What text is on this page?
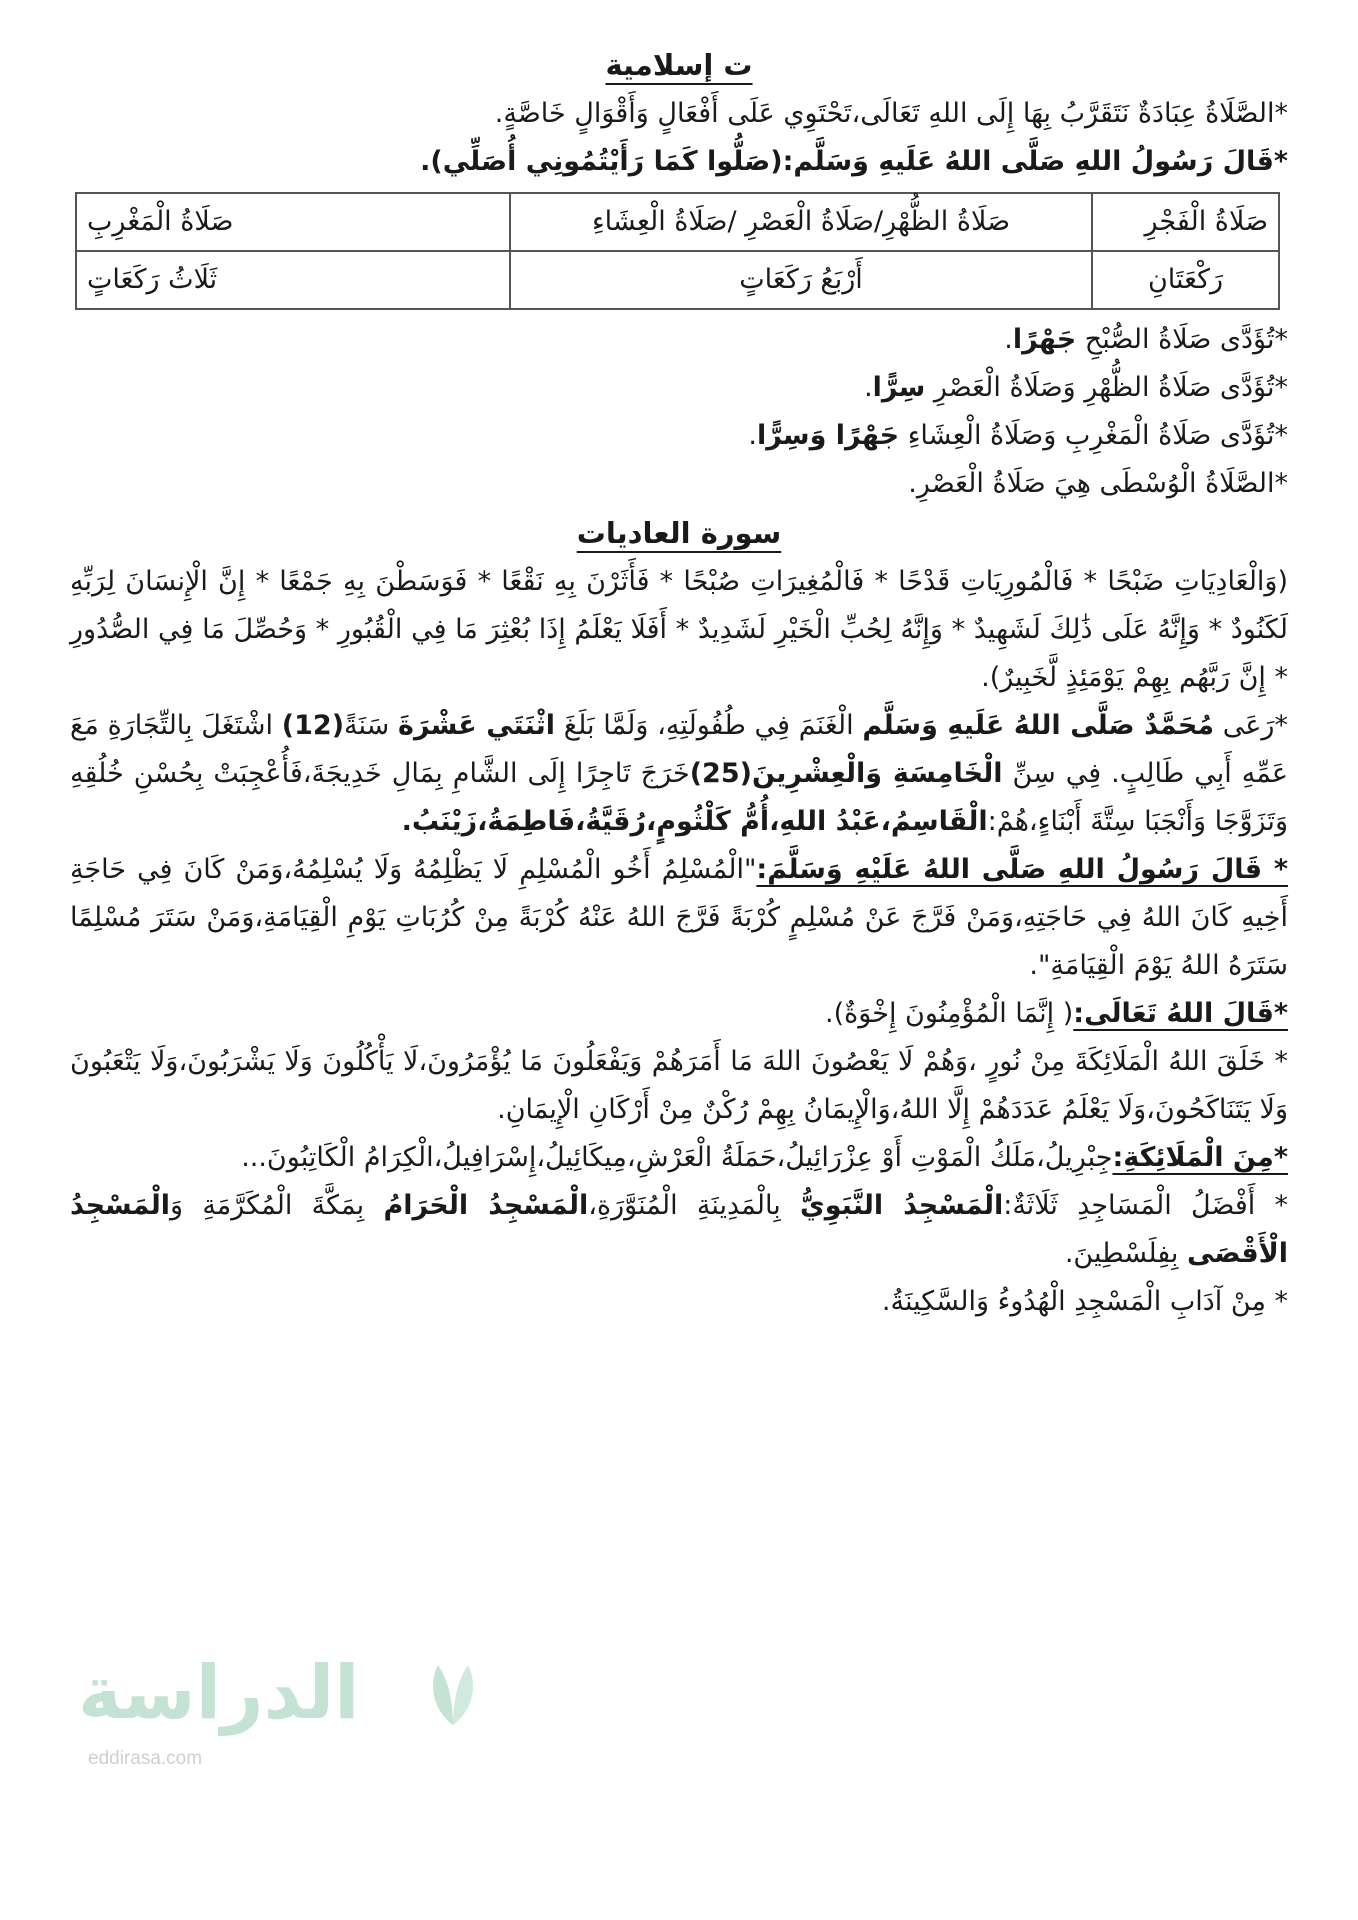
ت إسلامية

*الصَّلَاةُ عِبَادَةٌ نَتَقَرَّبُ بِهَا إِلَى اللهِ تَعَالَى،تَحْتَوِي عَلَى أَفْعَالٍ وَأَقْوَالٍ خَاصَّةٍ.

*قَالَ رَسُولُ اللهِ صَلَّى اللهُ عَلَيهِ وَسَلَّم:(صَلُّوا كَمَا رَأَيْتُمُونِي أُصَلِّي).

صَلَاةُ الْفَجْرِ	صَلَاةُ الظُّهْرِ/صَلَاةُ الْعَصْرِ /صَلَاةُ الْعِشَاءِ	صَلَاةُ الْمَغْرِبِ
رَكْعَتَانِ	أَرْبَعُ رَكَعَاتٍ	ثَلَاثُ رَكَعَاتٍ

*تُؤَدَّى صَلَاةُ الصُّبْحِ جَهْرًا.

*تُؤَدَّى صَلَاةُ الظُّهْرِ وَصَلَاةُ الْعَصْرِ سِرًّا.

*تُؤَدَّى صَلَاةُ الْمَغْرِبِ وَصَلَاةُ الْعِشَاءِ جَهْرًا وَسِرًّا.

*الصَّلَاةُ الْوُسْطَى هِيَ صَلَاةُ الْعَصْرِ.

سورة العاديات

(وَالْعَادِيَاتِ ضَبْحًا * فَالْمُورِيَاتِ قَدْحًا * فَالْمُغِيرَاتِ صُبْحًا * فَأَثَرْنَ بِهِ نَقْعًا * فَوَسَطْنَ بِهِ جَمْعًا * إِنَّ الْإِنسَانَ لِرَبِّهِ لَكَنُودٌ * وَإِنَّهُ عَلَى ذَٰلِكَ لَشَهِيدٌ * وَإِنَّهُ لِحُبِّ الْخَيْرِ لَشَدِيدٌ * أَفَلَا يَعْلَمُ إِذَا بُعْثِرَ مَا فِي الْقُبُورِ * وَحُصِّلَ مَا فِي الصُّدُورِ * إِنَّ رَبَّهُم بِهِمْ يَوْمَئِذٍ لَّخَبِيرٌ).

*رَعَى مُحَمَّدٌ صَلَّى اللهُ عَلَيهِ وَسَلَّم الْغَنَمَ فِي طُفُولَتِهِ، وَلَمَّا بَلَغَ اثْنَتَي عَشْرَةَ سَنَةً(12) اشْتَغَلَ بِالتِّجَارَةِ مَعَ عَمِّهِ أَبِي طَالِبٍ. فِي سِنِّ الْخَامِسَةِ وَالْعِشْرِينَ(25)خَرَجَ تَاجِرًا إِلَى الشَّامِ بِمَالِ خَدِيجَةَ،فَأُعْجِبَتْ بِحُسْنِ خُلُقِهِ وَتَزَوَّجَا وَأَنْجَبَا سِتَّةَ أَبْنَاءٍ،هُمْ:الْقَاسِمُ،عَبْدُ اللهِ،أُمُّ كَلْثُومٍ،رُقَيَّةُ،فَاطِمَةُ،زَيْنَبُ.

* قَالَ رَسُولُ اللهِ صَلَّى اللهُ عَلَيْهِ وَسَلَّمَ:"الْمُسْلِمُ أَخُو الْمُسْلِمِ لَا يَظْلِمُهُ وَلَا يُسْلِمُهُ،وَمَنْ كَانَ فِي حَاجَةِ أَخِيهِ كَانَ اللهُ فِي حَاجَتِهِ،وَمَنْ فَرَّجَ عَنْ مُسْلِمٍ كُرْبَةً فَرَّجَ اللهُ عَنْهُ كُرْبَةً مِنْ كُرُبَاتِ يَوْمِ الْقِيَامَةِ،وَمَنْ سَتَرَ مُسْلِمًا سَتَرَهُ اللهُ يَوْمَ الْقِيَامَةِ".

*قَالَ اللهُ تَعَالَى:( إِنَّمَا الْمُؤْمِنُونَ إِخْوَةٌ).

* خَلَقَ اللهُ الْمَلَائِكَةَ مِنْ نُورٍ ،وَهُمْ لَا يَعْصُونَ اللهَ مَا أَمَرَهُمْ وَيَفْعَلُونَ مَا يُؤْمَرُونَ،لَا يَأْكُلُونَ وَلَا يَشْرَبُونَ،وَلَا يَتْعَبُونَ وَلَا يَتَنَاكَحُونَ،وَلَا يَعْلَمُ عَدَدَهُمْ إِلَّا اللهُ،وَالْإِيمَانُ بِهِمْ رُكْنٌ مِنْ أَرْكَانِ الْإِيمَانِ.

*مِنَ الْمَلَائِكَةِ:جِبْرِيلُ،مَلَكُ الْمَوْتِ أَوْ عِزْرَائِيلُ،حَمَلَةُ الْعَرْشِ،مِيكَائِيلُ،إِسْرَافِيلُ،الْكِرَامُ الْكَاتِبُونَ...

* أَفْضَلُ الْمَسَاجِدِ ثَلَاثَةٌ:الْمَسْجِدُ النَّبَوِيُّ بِالْمَدِينَةِ الْمُنَوَّرَةِ،الْمَسْجِدُ الْحَرَامُ بِمَكَّةَ الْمُكَرَّمَةِ وَالْمَسْجِدُ الْأَقْصَى بِفِلَسْطِينَ.

* مِنْ آدَابِ الْمَسْجِدِ الْهُدُوءُ وَالسَّكِينَةُ.

الدراسة
eddirasa.com
